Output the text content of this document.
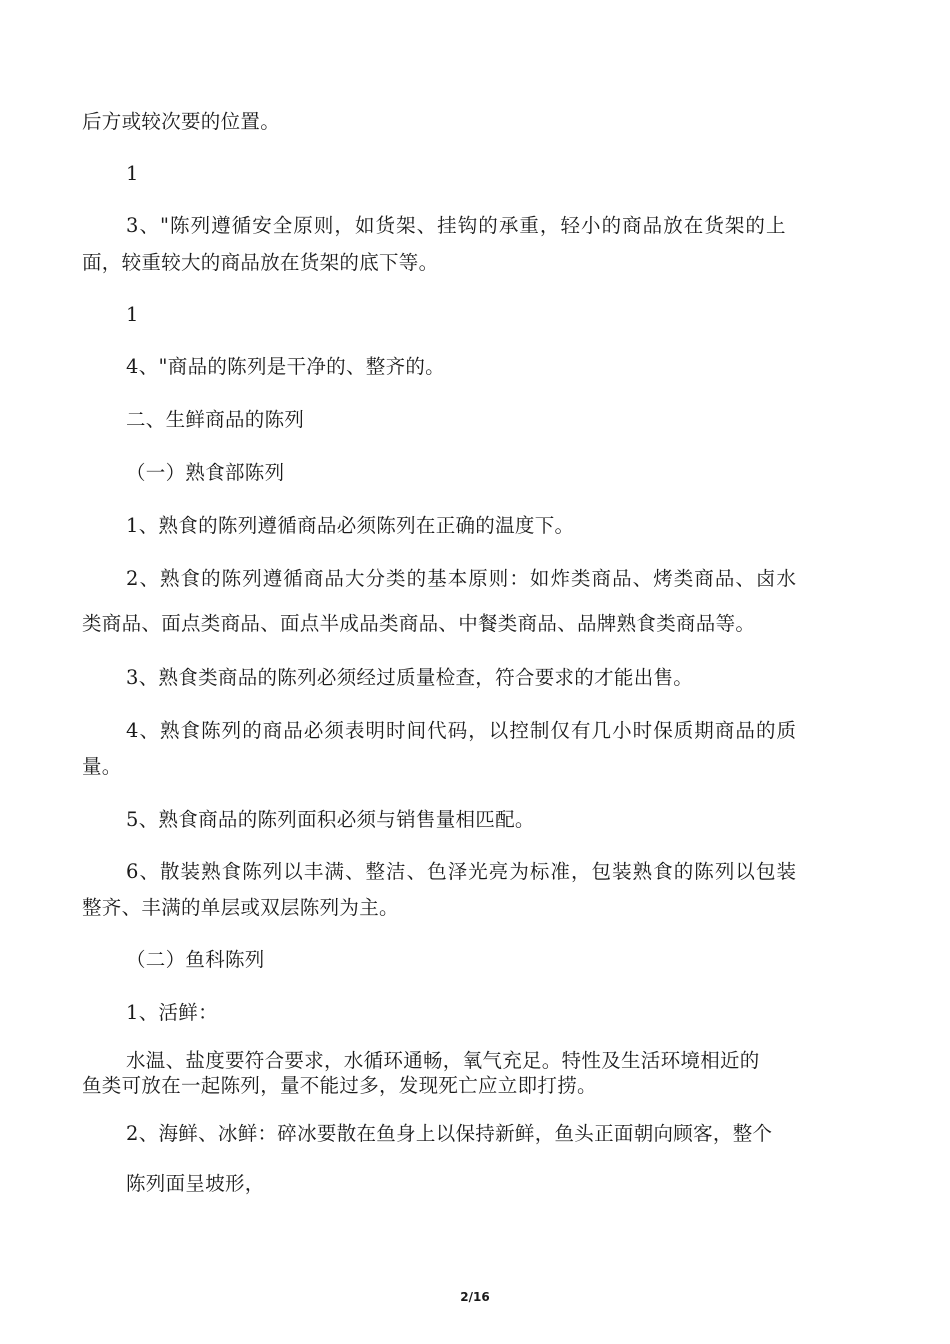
后方或较次要的位置。

1

3、"陈列遵循安全原则，如货架、挂钩的承重，轻小的商品放在货架的上

面，较重较大的商品放在货架的底下等。

1

4、"商品的陈列是干净的、整齐的。

二、生鲜商品的陈列

（一）熟食部陈列

1、熟食的陈列遵循商品必须陈列在正确的温度下。

2、熟食的陈列遵循商品大分类的基本原则：如炸类商品、烤类商品、卤水

类商品、面点类商品、面点半成品类商品、中餐类商品、品牌熟食类商品等。

3、熟食类商品的陈列必须经过质量检查，符合要求的才能出售。

4、熟食陈列的商品必须表明时间代码，以控制仅有几小时保质期商品的质

量。

5、熟食商品的陈列面积必须与销售量相匹配。

6、散装熟食陈列以丰满、整洁、色泽光亮为标准，包装熟食的陈列以包装

整齐、丰满的单层或双层陈列为主。

（二）鱼科陈列

1、活鲜：

水温、盐度要符合要求，水循环通畅，氧气充足。特性及生活环境相近的

鱼类可放在一起陈列，量不能过多，发现死亡应立即打捞。

2、海鲜、冰鲜：碎冰要散在鱼身上以保持新鲜，鱼头正面朝向顾客，整个

陈列面呈坡形，

2/16
